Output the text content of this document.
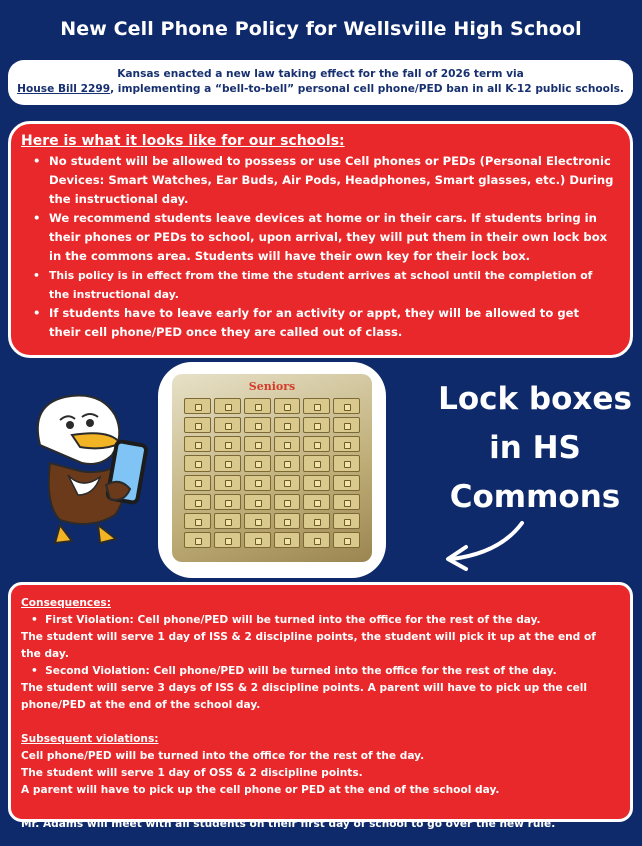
New Cell Phone Policy for Wellsville High School
Kansas enacted a new law taking effect for the fall of 2026 term via
House Bill 2299, implementing a “bell-to-bell” personal cell phone/PED ban in all K-12 public schools.
Here is what it looks like for our schools:
• No student will be allowed to possess or use Cell phones or PEDs (Personal Electronic Devices: Smart Watches, Ear Buds, Air Pods, Headphones, Smart glasses, etc.) During the instructional day.
• We recommend students leave devices at home or in their cars. If students bring in their phones or PEDs to school, upon arrival, they will put them in their own lock box in the commons area. Students will have their own key for their lock box.
• This policy is in effect from the time the student arrives at school until the completion of the instructional day.
• If students have to leave early for an activity or appt, they will be allowed to get their cell phone/PED once they are called out of class.
Seniors	Lock boxes
in HS
Commons
Consequences:
•  First Violation: Cell phone/PED will be turned into the office for the rest of the day.
The student will serve 1 day of ISS & 2 discipline points, the student will pick it up at the end of the day.
•  Second Violation: Cell phone/PED will be turned into the office for the rest of the day.
The student will serve 3 days of ISS & 2 discipline points. A parent will have to pick up the cell phone/PED at the end of the school day.
Subsequent violations:
Cell phone/PED will be turned into the office for the rest of the day.
The student will serve 1 day of OSS & 2 discipline points.
A parent will have to pick up the cell phone or PED at the end of the school day.
Mr. Adams will meet with all students on their first day of school to go over the new rule.
